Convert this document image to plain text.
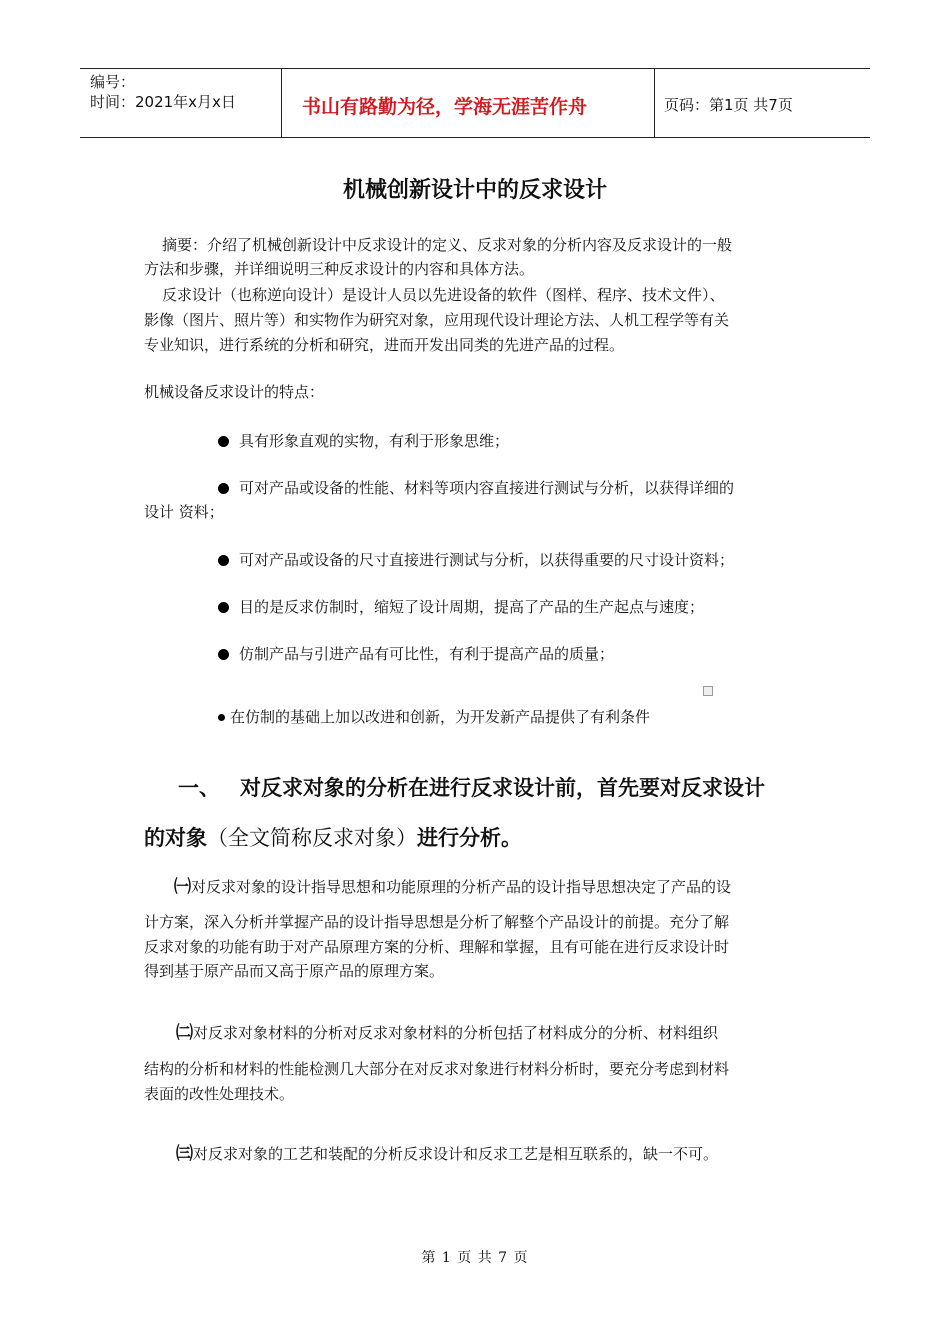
编号：
时间：2021年x月x日	书山有路勤为径，学海无涯苦作舟	页码：第1页 共7页
机械创新设计中的反求设计
摘要：介绍了机械创新设计中反求设计的定义、反求对象的分析内容及反求设计的一般
方法和步骤，并详细说明三种反求设计的内容和具体方法。
反求设计（也称逆向设计）是设计人员以先进设备的软件（图样、程序、技术文件）、
影像（图片、照片等）和实物作为研究对象，应用现代设计理论方法、人机工程学等有关
专业知识，进行系统的分析和研究，进而开发出同类的先进产品的过程。
机械设备反求设计的特点：
具有形象直观的实物，有利于形象思维；
可对产品或设备的性能、材料等项内容直接进行测试与分析，以获得详细的
设计 资料；
可对产品或设备的尺寸直接进行测试与分析，以获得重要的尺寸设计资料；
目的是反求仿制时，缩短了设计周期，提高了产品的生产起点与速度；
仿制产品与引进产品有可比性，有利于提高产品的质量；
在仿制的基础上加以改进和创新，为开发新产品提供了有利条件
一、 对反求对象的分析在进行反求设计前，首先要对反求设计
的对象（全文简称反求对象）进行分析。
㈠对反求对象的设计指导思想和功能原理的分析产品的设计指导思想决定了产品的设
计方案，深入分析并掌握产品的设计指导思想是分析了解整个产品设计的前提。充分了解
反求对象的功能有助于对产品原理方案的分析、理解和掌握，且有可能在进行反求设计时
得到基于原产品而又高于原产品的原理方案。
㈡对反求对象材料的分析对反求对象材料的分析包括了材料成分的分析、材料组织
结构的分析和材料的性能检测几大部分在对反求对象进行材料分析时，要充分考虑到材料
表面的改性处理技术。
㈢对反求对象的工艺和装配的分析反求设计和反求工艺是相互联系的，缺一不可。
第 1 页 共 7 页
